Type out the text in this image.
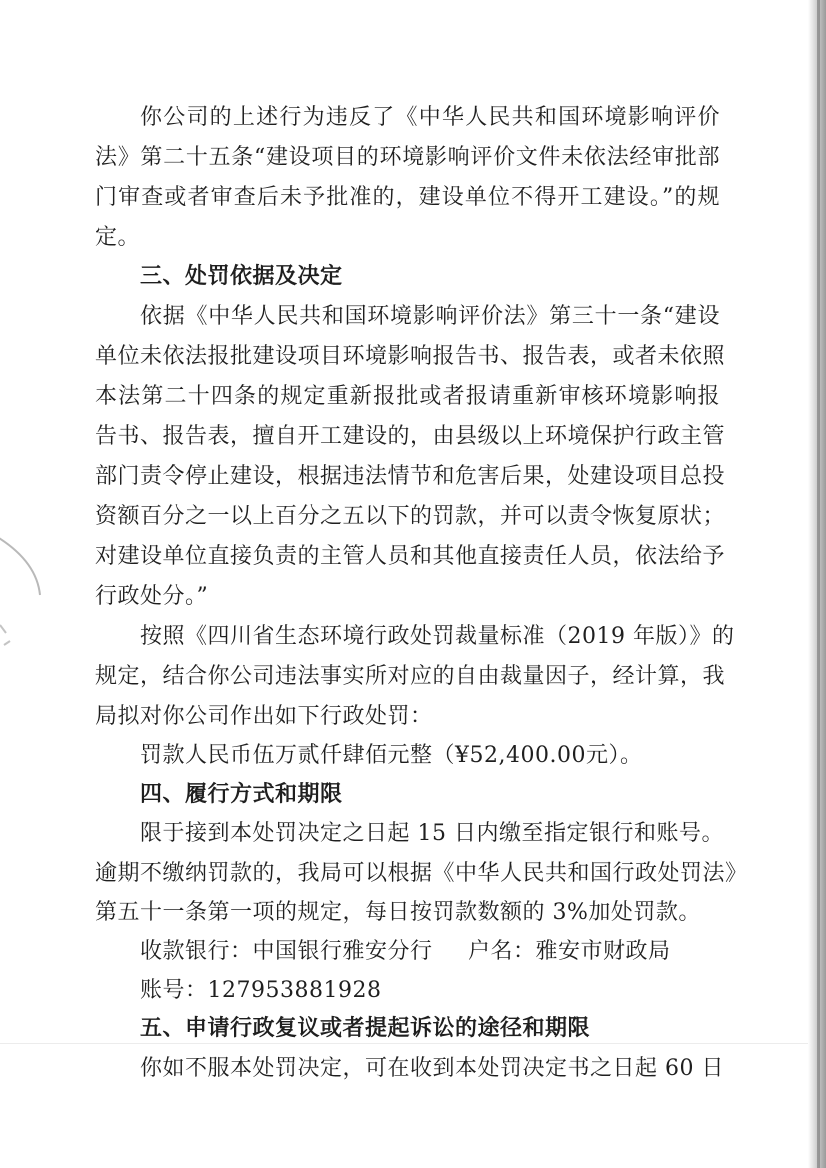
你公司的上述行为违反了《中华人民共和国环境影响评价
法》第二十五条“建设项目的环境影响评价文件未依法经审批部
门审查或者审查后未予批准的，建设单位不得开工建设。”的规
定。
三、处罚依据及决定
依据《中华人民共和国环境影响评价法》第三十一条“建设
单位未依法报批建设项目环境影响报告书、报告表，或者未依照
本法第二十四条的规定重新报批或者报请重新审核环境影响报
告书、报告表，擅自开工建设的，由县级以上环境保护行政主管
部门责令停止建设，根据违法情节和危害后果，处建设项目总投
资额百分之一以上百分之五以下的罚款，并可以责令恢复原状；
对建设单位直接负责的主管人员和其他直接责任人员，依法给予
行政处分。”
按照《四川省生态环境行政处罚裁量标准（2019 年版）》的
规定，结合你公司违法事实所对应的自由裁量因子，经计算，我
局拟对你公司作出如下行政处罚：
罚款人民币伍万贰仟肆佰元整（¥52,400.00元）。
四、履行方式和期限
限于接到本处罚决定之日起 15 日内缴至指定银行和账号。
逾期不缴纳罚款的，我局可以根据《中华人民共和国行政处罚法》
第五十一条第一项的规定，每日按罚款数额的 3%加处罚款。
收款银行：中国银行雅安分行	户名：雅安市财政局
账号：127953881928
五、申请行政复议或者提起诉讼的途径和期限
你如不服本处罚决定，可在收到本处罚决定书之日起 60 日
